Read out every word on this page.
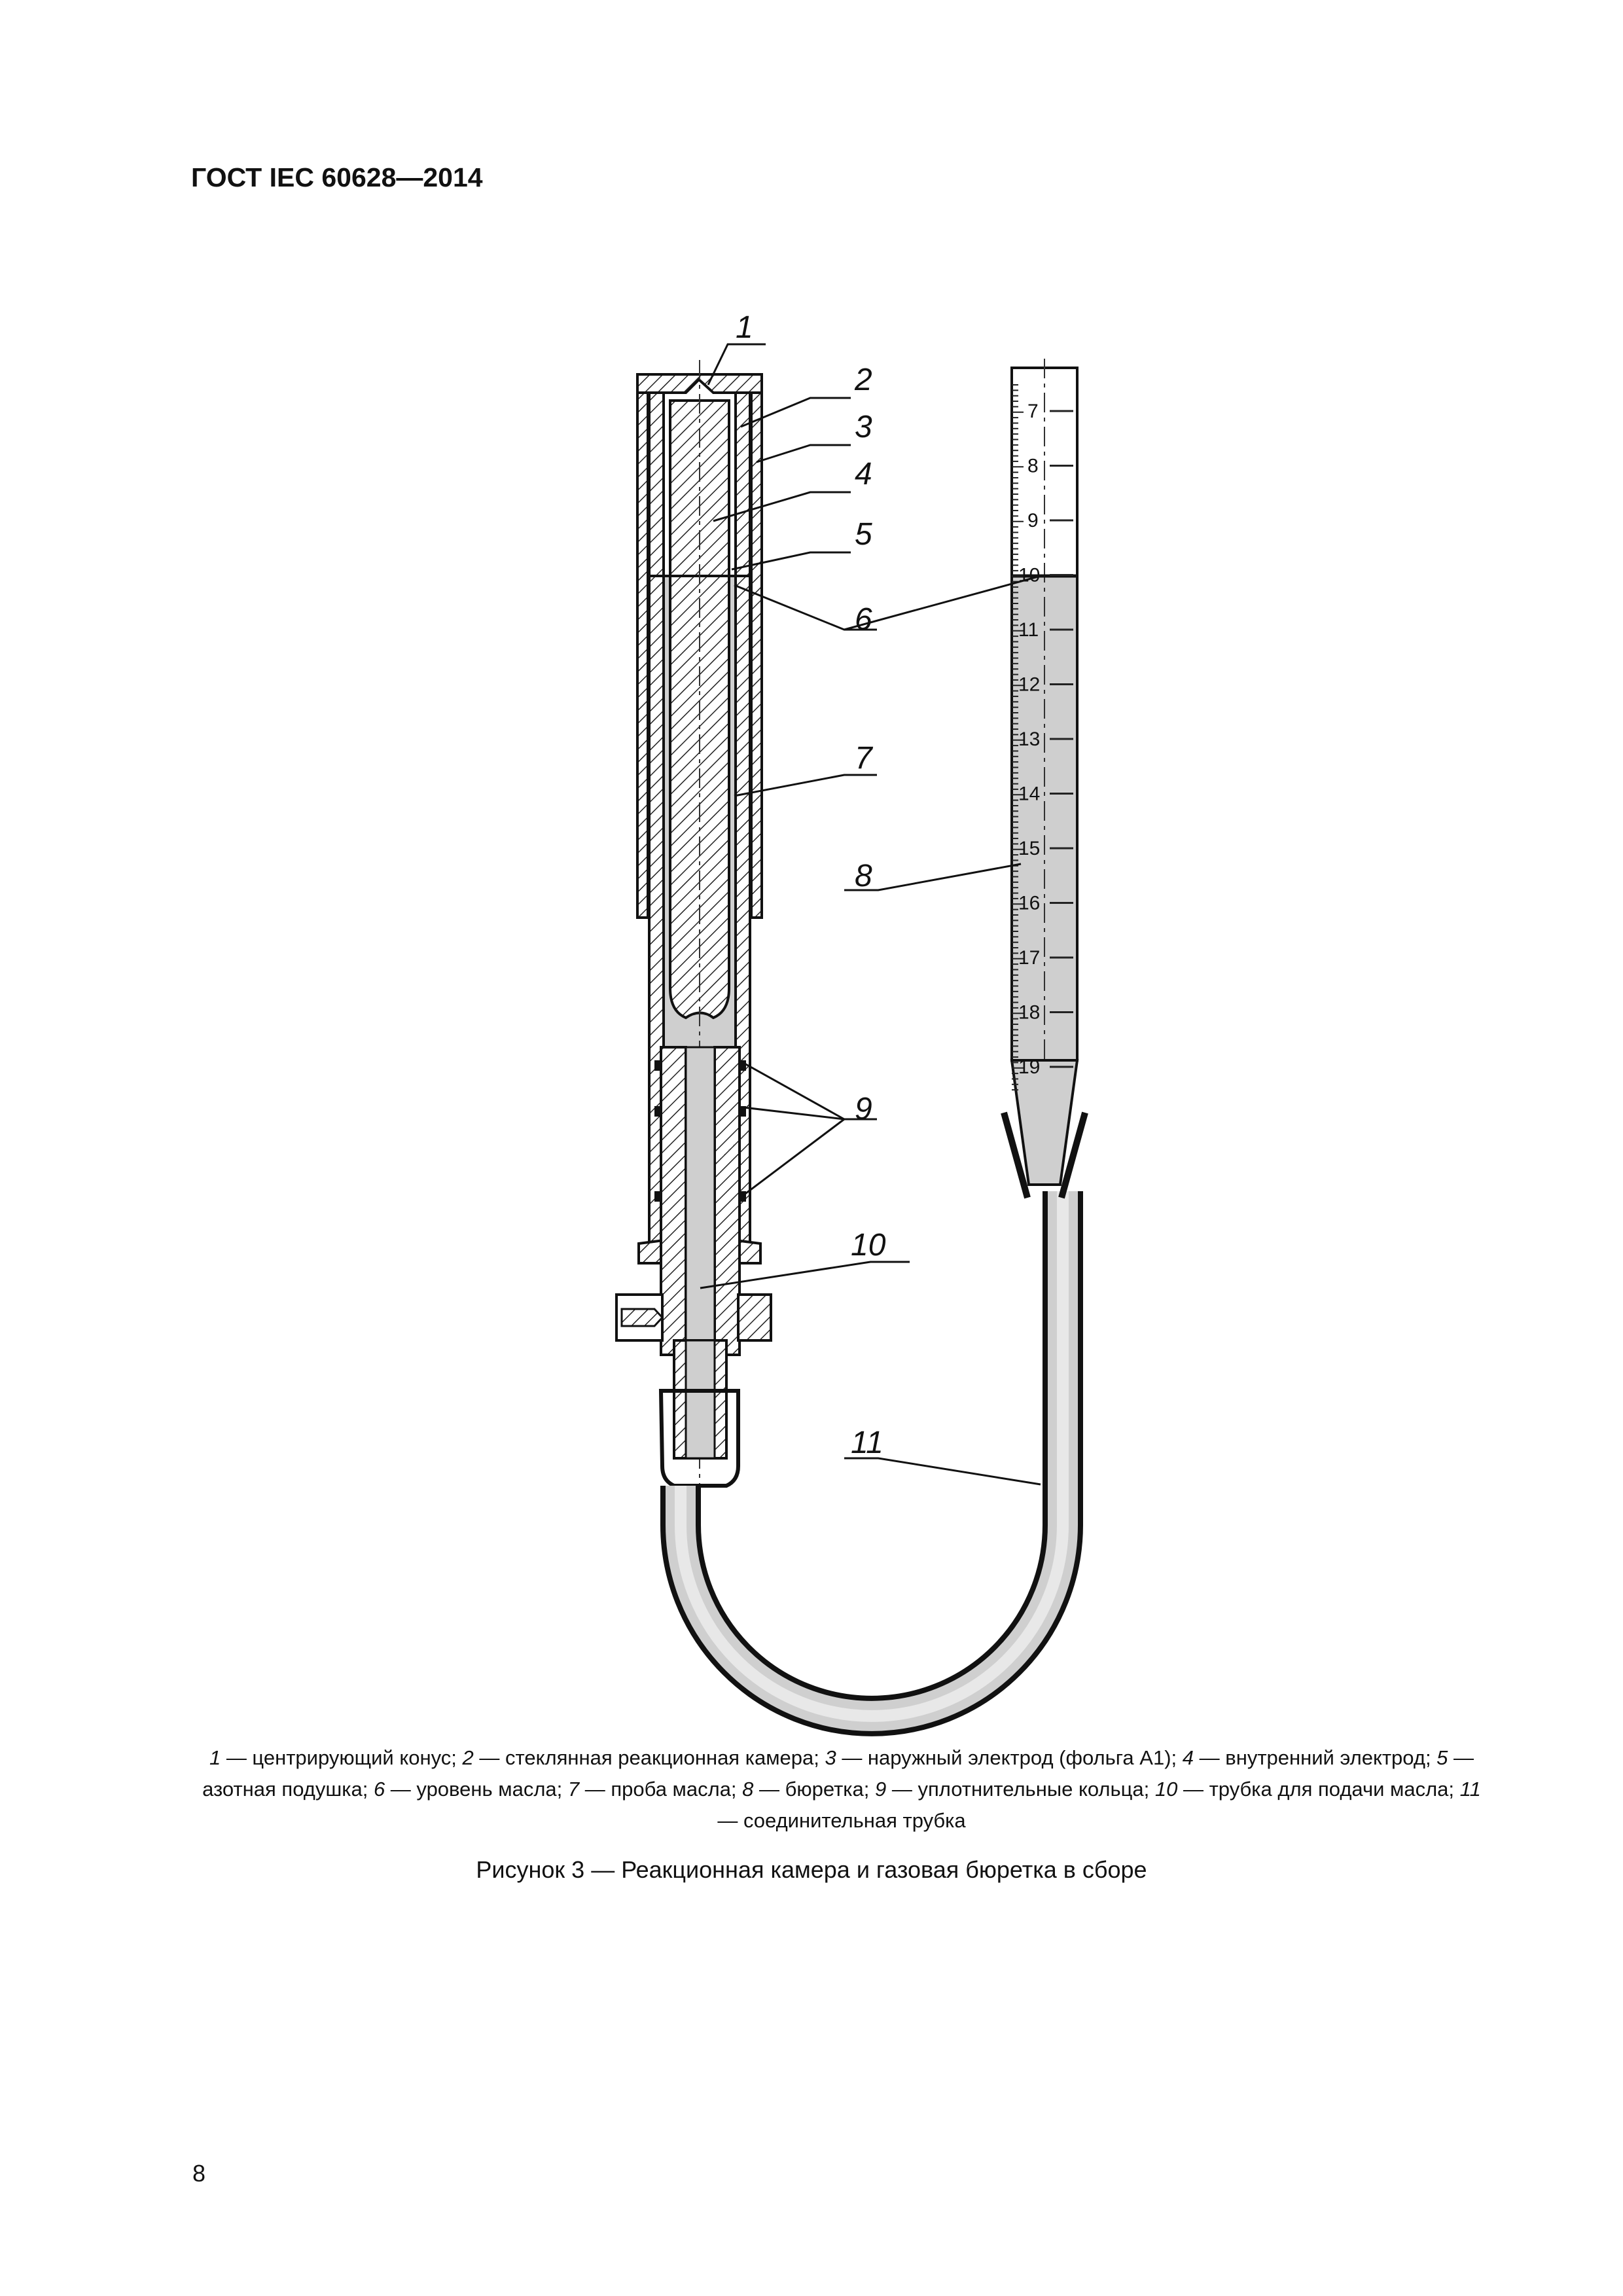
ГОСТ IEC 60628—2014
7
8
9
10
11
12
13
14
15
16
17
18
19
1
2
3
4
5
6
7
8
9
10
11
1 — центрирующий конус; 2 — стеклянная реакционная камера; 3 — наружный электрод (фольга А1); 4 — внутренний электрод; 5 — азотная подушка; 6 — уровень масла; 7 — проба масла; 8 — бюретка; 9 — уплотнительные кольца; 10 — трубка для подачи масла; 11 — соединительная трубка
Рисунок 3 — Реакционная камера и газовая бюретка в сборе
8
